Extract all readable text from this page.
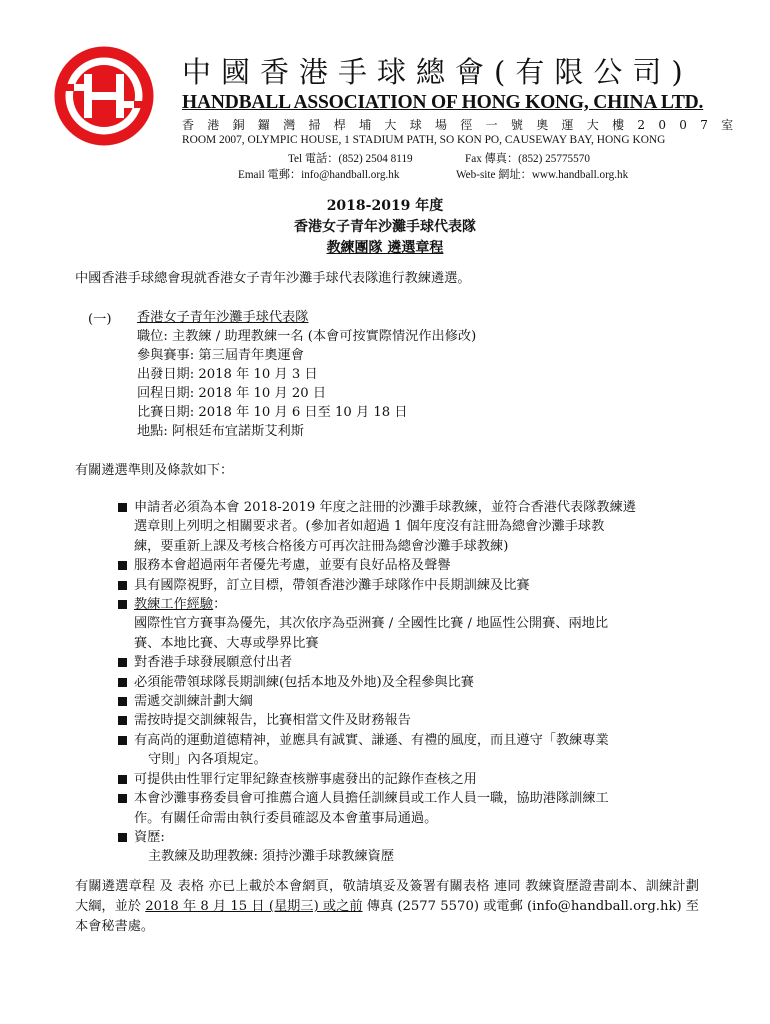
中國香港手球總會(有限公司)
HANDBALL ASSOCIATION OF HONG KONG, CHINA LTD.
香港銅鑼灣掃桿埔大球場徑一號奧運大樓2007室
ROOM 2007, OLYMPIC HOUSE, 1 STADIUM PATH, SO KON PO, CAUSEWAY BAY, HONG KONG
Tel 電話：(852) 2504 8119	Fax 傳真：(852) 25775570
Email 電郵：info@handball.org.hk	Web-site 網址：www.handball.org.hk
2018-2019 年度
香港女子青年沙灘手球代表隊
教練團隊 遴選章程
中國香港手球總會現就香港女子青年沙灘手球代表隊進行教練遴選。
(一) 香港女子青年沙灘手球代表隊
職位: 主教練 / 助理教練一名 (本會可按實際情況作出修改)
參與賽事: 第三屆青年奧運會
出發日期: 2018 年 10 月 3 日
回程日期: 2018 年 10 月 20 日
比賽日期: 2018 年 10 月 6 日至 10 月 18 日
地點: 阿根廷布宜諾斯艾利斯
有關遴選準則及條款如下：
申請者必須為本會 2018-2019 年度之註冊的沙灘手球教練，並符合香港代表隊教練遴
選章則上列明之相關要求者。(參加者如超過 1 個年度沒有註冊為總會沙灘手球教
練，要重新上課及考核合格後方可再次註冊為總會沙灘手球教練)
服務本會超過兩年者優先考慮，並要有良好品格及聲譽
具有國際視野，訂立目標，帶領香港沙灘手球隊作中長期訓練及比賽
教練工作經驗：
國際性官方賽事為優先，其次依序為亞洲賽 / 全國性比賽 / 地區性公開賽、兩地比
賽、本地比賽、大專或學界比賽
對香港手球發展願意付出者
必須能帶領球隊長期訓練(包括本地及外地)及全程參與比賽
需遞交訓練計劃大綱
需按時提交訓練報告，比賽相當文件及財務報告
有高尚的運動道德精神，並應具有誠實、謙遜、有禮的風度，而且遵守「教練專業
守則」內各項規定。
可提供由性罪行定罪紀錄查核辦事處發出的記錄作查核之用
本會沙灘事務委員會可推薦合適人員擔任訓練員或工作人員一職，協助港隊訓練工
作。有關任命需由執行委員確認及本會董事局通過。
資歷:
主教練及助理教練: 須持沙灘手球教練資歷
有關遴選章程 及 表格 亦已上載於本會網頁，敬請填妥及簽署有關表格 連同 教練資歷證書副本、訓練計劃大綱，並於 2018 年 8 月 15 日 (星期三) 或之前 傳真 (2577 5570) 或電郵 (info@handball.org.hk) 至本會秘書處。
